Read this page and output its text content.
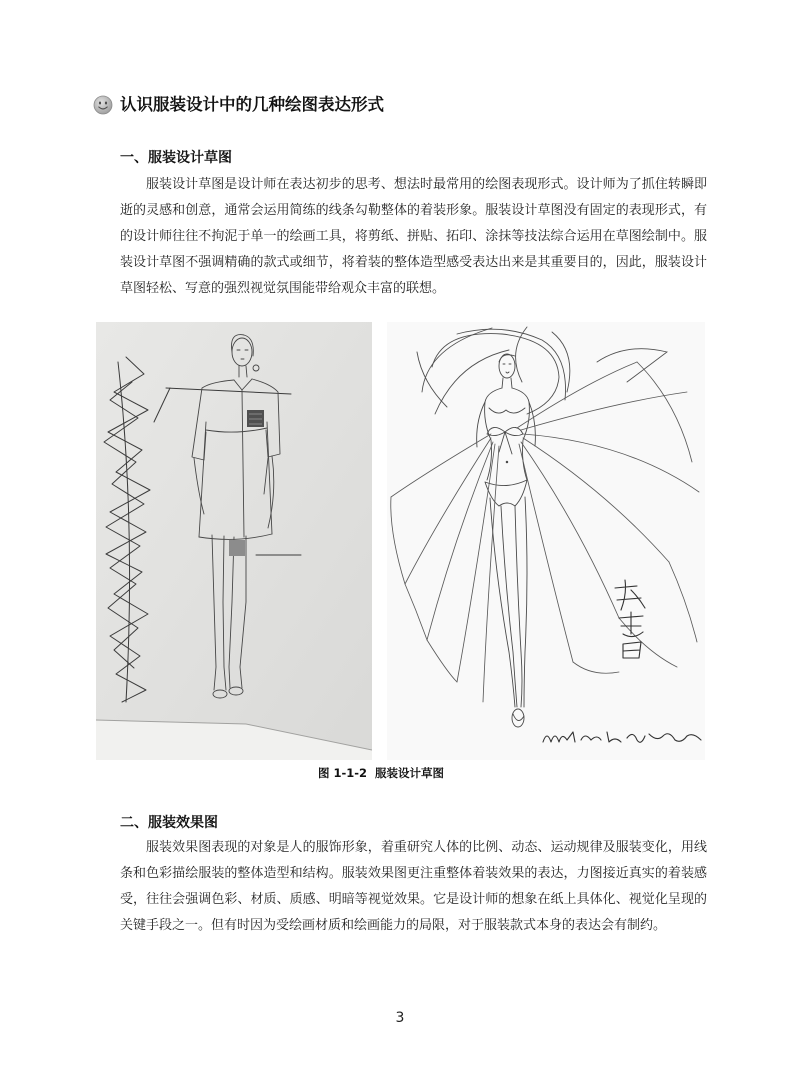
认识服装设计中的几种绘图表达形式
一、服装设计草图
服装设计草图是设计师在表达初步的思考、想法时最常用的绘图表现形式。设计师为了抓住转瞬即
逝的灵感和创意，通常会运用简练的线条勾勒整体的着装形象。服装设计草图没有固定的表现形式，有
的设计师往往不拘泥于单一的绘画工具，将剪纸、拼贴、拓印、涂抹等技法综合运用在草图绘制中。服
装设计草图不强调精确的款式或细节，将着装的整体造型感受表达出来是其重要目的，因此，服装设计
草图轻松、写意的强烈视觉氛围能带给观众丰富的联想。
图 1-1-2  服装设计草图
二、服装效果图
服装效果图表现的对象是人的服饰形象，着重研究人体的比例、动态、运动规律及服装变化，用线
条和色彩描绘服装的整体造型和结构。服装效果图更注重整体着装效果的表达，力图接近真实的着装感
受，往往会强调色彩、材质、质感、明暗等视觉效果。它是设计师的想象在纸上具体化、视觉化呈现的
关键手段之一。但有时因为受绘画材质和绘画能力的局限，对于服装款式本身的表达会有制约。
3
